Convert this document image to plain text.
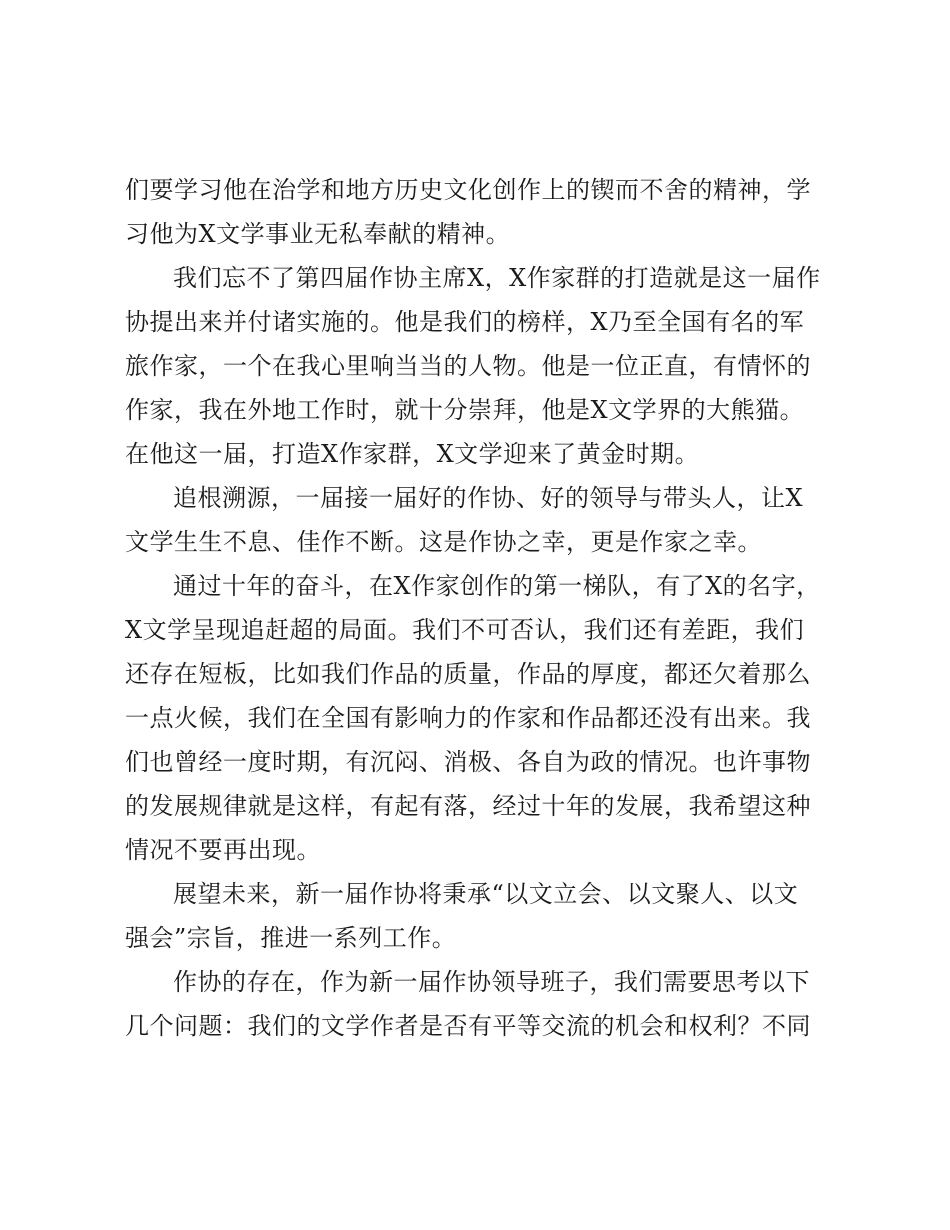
们要学习他在治学和地方历史文化创作上的锲而不舍的精神，学
习他为X文学事业无私奉献的精神。

我们忘不了第四届作协主席X，X作家群的打造就是这一届作
协提出来并付诸实施的。他是我们的榜样，X乃至全国有名的军
旅作家，一个在我心里响当当的人物。他是一位正直，有情怀的
作家，我在外地工作时，就十分崇拜，他是X文学界的大熊猫。
在他这一届，打造X作家群，X文学迎来了黄金时期。

追根溯源，一届接一届好的作协、好的领导与带头人，让X
文学生生不息、佳作不断。这是作协之幸，更是作家之幸。

通过十年的奋斗，在X作家创作的第一梯队，有了X的名字，
X文学呈现追赶超的局面。我们不可否认，我们还有差距，我们
还存在短板，比如我们作品的质量，作品的厚度，都还欠着那么
一点火候，我们在全国有影响力的作家和作品都还没有出来。我
们也曾经一度时期，有沉闷、消极、各自为政的情况。也许事物
的发展规律就是这样，有起有落，经过十年的发展，我希望这种
情况不要再出现。

展望未来，新一届作协将秉承“以文立会、以文聚人、以文
强会”宗旨，推进一系列工作。

作协的存在，作为新一届作协领导班子，我们需要思考以下
几个问题：我们的文学作者是否有平等交流的机会和权利？不同
